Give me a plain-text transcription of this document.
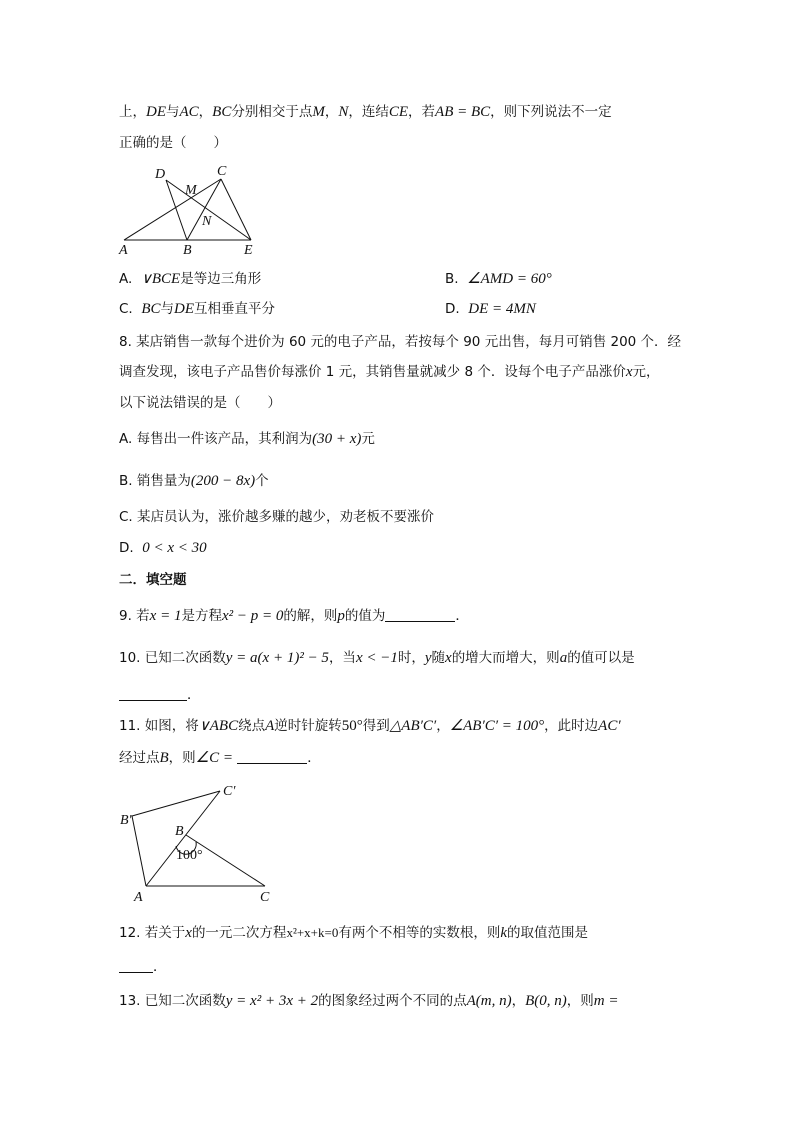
上，DE与AC，BC分别相交于点M，N，连结CE，若AB = BC，则下列说法不一定
正确的是（　　）
D	C
M
N
A	B	E
A. ∨BCE是等边三角形	B. ∠AMD = 60°
C. BC与DE互相垂直平分	D. DE = 4MN
8. 某店销售一款每个进价为 60 元的电子产品，若按每个 90 元出售，每月可销售 200 个．经
调查发现，该电子产品售价每涨价 1 元，其销售量就减少 8 个．设每个电子产品涨价x元，
以下说法错误的是（　　）
A. 每售出一件该产品，其利润为(30 + x)元
B. 销售量为(200 − 8x)个
C. 某店员认为，涨价越多赚的越少，劝老板不要涨价
D. 0 < x < 30
二．填空题
9. 若x = 1是方程x² − p = 0的解，则p的值为	．
10. 已知二次函数y = a(x + 1)² − 5，当x < −1时，y随x的增大而增大，则a的值可以是
．
11. 如图，将∨ABC绕点A逆时针旋转50°得到△AB′C′，∠AB′C′ = 100°，此时边AC′
经过点B，则∠C =	．
C′
B′
B
100°
A	C
12. 若关于x的一元二次方程x²+x+k=0有两个不相等的实数根，则k的取值范围是
．
13. 已知二次函数y = x² + 3x + 2的图象经过两个不同的点A(m, n)，B(0, n)，则m =
